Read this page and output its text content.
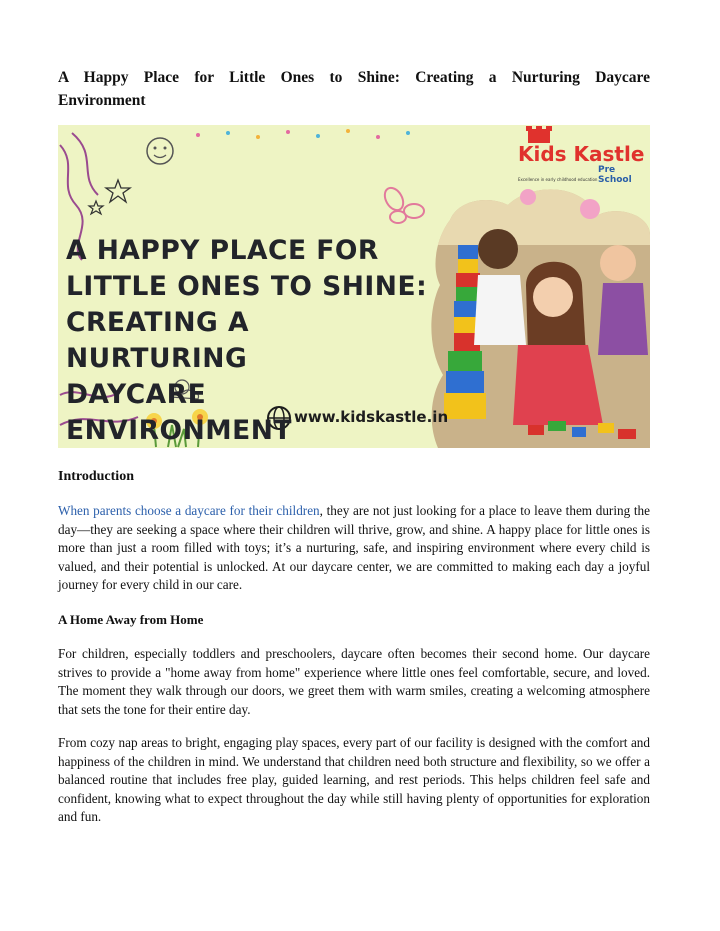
A Happy Place for Little Ones to Shine: Creating a Nurturing Daycare
Environment
A HAPPY PLACE FOR
LITTLE ONES TO SHINE:
CREATING A NURTURING
DAYCARE ENVIRONMENT www.kidskastle.in
Kids Kastle
Pre School
Excellence in early childhood education
Introduction
When parents choose a daycare for their children, they are not just looking for a place to leave them during the day—they are seeking a space where their children will thrive, grow, and shine. A happy place for little ones is more than just a room filled with toys; it’s a nurturing, safe, and inspiring environment where every child is valued, and their potential is unlocked. At our daycare center, we are committed to making each day a joyful journey for every child in our care.
A Home Away from Home
For children, especially toddlers and preschoolers, daycare often becomes their second home. Our daycare strives to provide a "home away from home" experience where little ones feel comfortable, secure, and loved. The moment they walk through our doors, we greet them with warm smiles, creating a welcoming atmosphere that sets the tone for their entire day.
From cozy nap areas to bright, engaging play spaces, every part of our facility is designed with the comfort and happiness of the children in mind. We understand that children need both structure and flexibility, so we offer a balanced routine that includes free play, guided learning, and rest periods. This helps children feel safe and confident, knowing what to expect throughout the day while still having plenty of opportunities for exploration and fun.
